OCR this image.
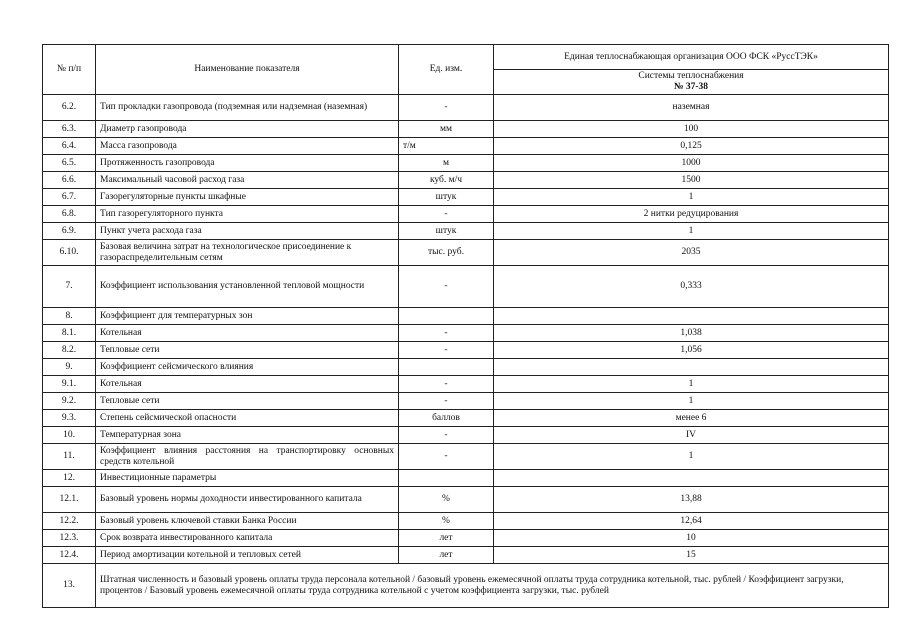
№ п/п	Наименование показателя	Ед. изм.	Единая теплоснабжающая организация ООО ФСК «РуссТЭК»

			Системы теплоснабжения
№ 37-38

6.2.	Тип прокладки газопровода (подземная или надземная (наземная)	-	наземная
6.3.	Диаметр газопровода	мм	100
6.4.	Масса газопровода	т/м	0,125
6.5.	Протяженность газопровода	м	1000
6.6.	Максимальный часовой расход газа	куб. м/ч	1500
6.7.	Газорегуляторные пункты шкафные	штук	1
6.8.	Тип газорегуляторного пункта	-	2 нитки редуцирования
6.9.	Пункт учета расхода газа	штук	1
6.10.	Базовая величина затрат на технологическое присоединение к газораспределительным сетям	тыс. руб.	2035
7.	Коэффициент использования установленной тепловой мощности	-	0,333
8.	Коэффициент для температурных зон		
8.1.	Котельная	-	1,038
8.2.	Тепловые сети	-	1,056
9.	Коэффициент сейсмического влияния		
9.1.	Котельная	-	1
9.2.	Тепловые сети	-	1
9.3.	Степень сейсмической опасности	баллов	менее 6
10.	Температурная зона	-	IV
11.	Коэффициент влияния расстояния на транспортировку основных средств котельной	-	1
12.	Инвестиционные параметры		
12.1.	Базовый уровень нормы доходности инвестированного капитала	%	13,88
12.2.	Базовый уровень ключевой ставки Банка России	%	12,64
12.3.	Срок возврата инвестированного капитала	лет	10
12.4.	Период амортизации котельной и тепловых сетей	лет	15
13.	Штатная численность и базовый уровень оплаты труда персонала котельной / базовый уровень ежемесячной оплаты труда сотрудника котельной, тыс. рублей / Коэффициент загрузки, процентов / Базовый уровень ежемесячной оплаты труда сотрудника котельной с учетом коэффициента загрузки, тыс. рублей		
